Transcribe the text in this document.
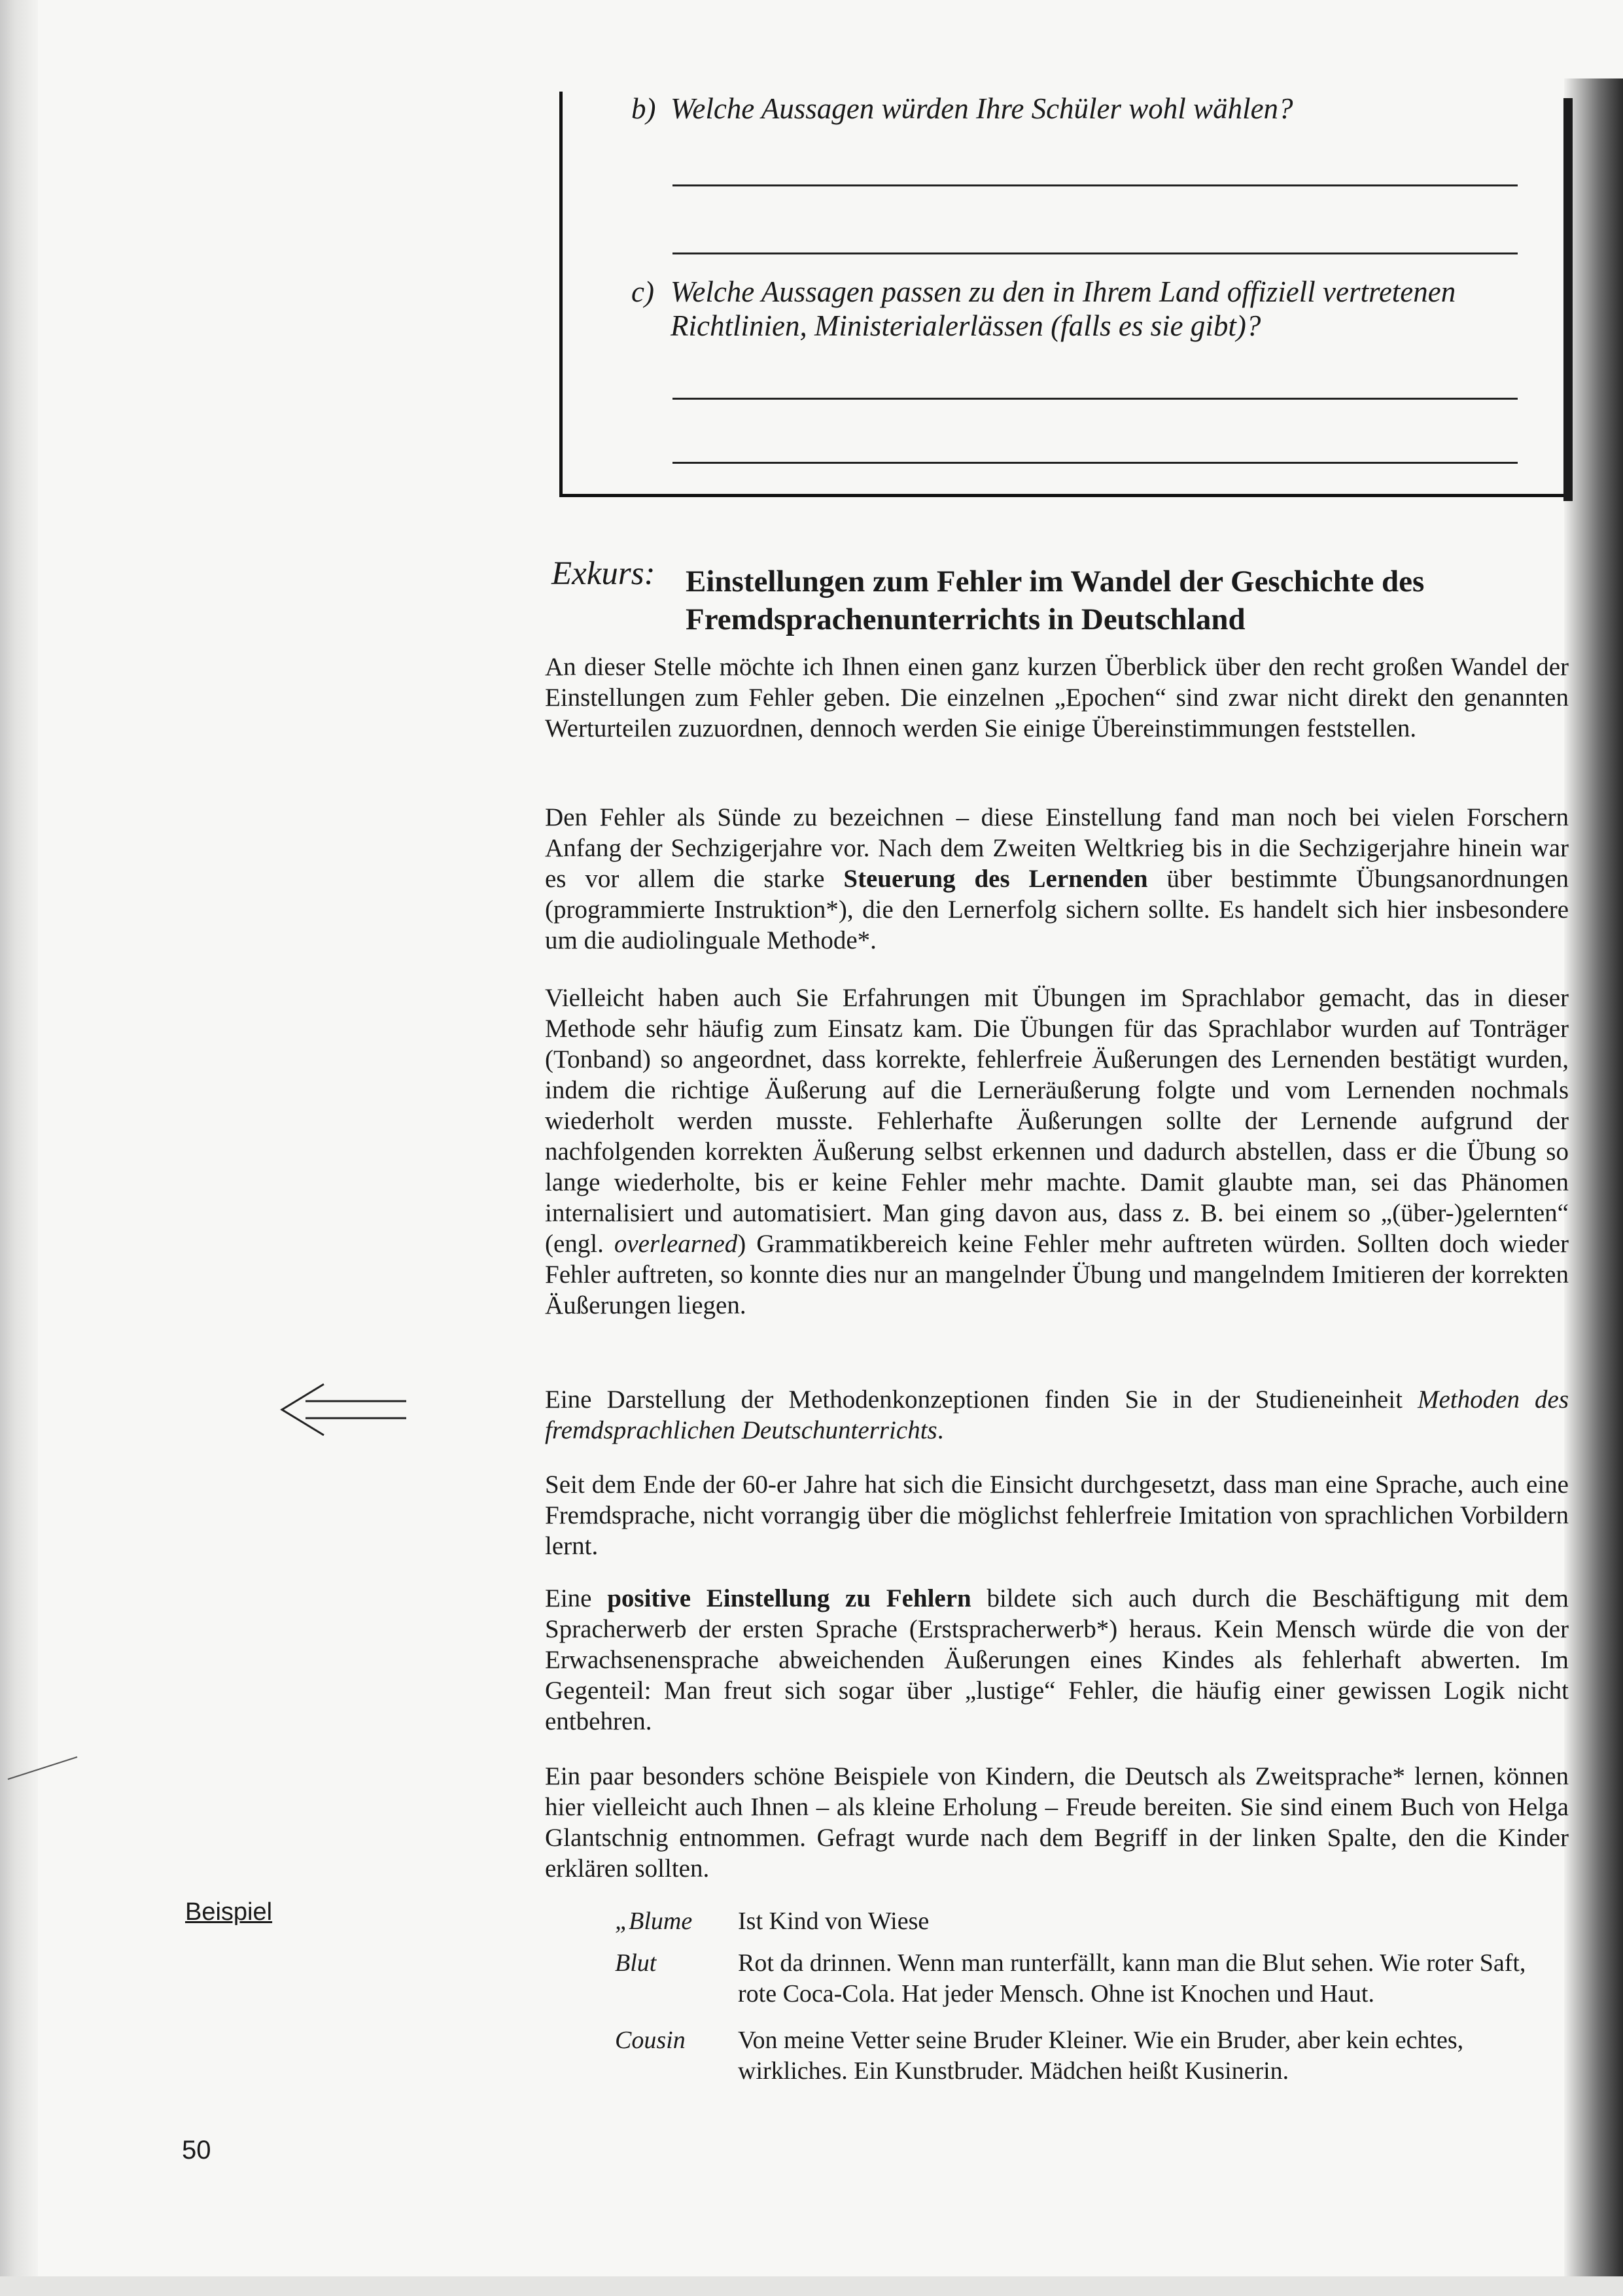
b) Welche Aussagen würden Ihre Schüler wohl wählen?
c) Welche Aussagen passen zu den in Ihrem Land offiziell vertretenen
Richtlinien, Ministerialerlässen (falls es sie gibt)?
Exkurs: Einstellungen zum Fehler im Wandel der Geschichte des
Fremdsprachenunterrichts in Deutschland
An dieser Stelle möchte ich Ihnen einen ganz kurzen Überblick über den recht großen Wandel der Einstellungen zum Fehler geben. Die einzelnen „Epochen“ sind zwar nicht direkt den genannten Werturteilen zuzuordnen, dennoch werden Sie einige Übereinstimmungen feststellen.
Den Fehler als Sünde zu bezeichnen – diese Einstellung fand man noch bei vielen Forschern Anfang der Sechzigerjahre vor. Nach dem Zweiten Weltkrieg bis in die Sechzigerjahre hinein war es vor allem die starke Steuerung des Lernenden über bestimmte Übungsanordnungen (programmierte Instruktion*), die den Lernerfolg sichern sollte. Es handelt sich hier insbesondere um die audiolinguale Methode*.
Vielleicht haben auch Sie Erfahrungen mit Übungen im Sprachlabor gemacht, das in dieser Methode sehr häufig zum Einsatz kam. Die Übungen für das Sprachlabor wurden auf Tonträger (Tonband) so angeordnet, dass korrekte, fehlerfreie Äußerungen des Lernenden bestätigt wurden, indem die richtige Äußerung auf die Lerneräußerung folgte und vom Lernenden nochmals wiederholt werden musste. Fehlerhafte Äußerungen sollte der Lernende aufgrund der nachfolgenden korrekten Äußerung selbst erkennen und dadurch abstellen, dass er die Übung so lange wiederholte, bis er keine Fehler mehr machte. Damit glaubte man, sei das Phänomen internalisiert und automatisiert. Man ging davon aus, dass z. B. bei einem so „(über-)gelernten“ (engl. overlearned) Grammatikbereich keine Fehler mehr auftreten würden. Sollten doch wieder Fehler auftreten, so konnte dies nur an mangelnder Übung und mangelndem Imitieren der korrekten Äußerungen liegen.
Eine Darstellung der Methodenkonzeptionen finden Sie in der Studieneinheit Methoden des fremdsprachlichen Deutschunterrichts.
Seit dem Ende der 60-er Jahre hat sich die Einsicht durchgesetzt, dass man eine Sprache, auch eine Fremdsprache, nicht vorrangig über die möglichst fehlerfreie Imitation von sprachlichen Vorbildern lernt.
Eine positive Einstellung zu Fehlern bildete sich auch durch die Beschäftigung mit dem Spracherwerb der ersten Sprache (Erstspracherwerb*) heraus. Kein Mensch würde die von der Erwachsenensprache abweichenden Äußerungen eines Kindes als fehlerhaft abwerten. Im Gegenteil: Man freut sich sogar über „lustige“ Fehler, die häufig einer gewissen Logik nicht entbehren.
Ein paar besonders schöne Beispiele von Kindern, die Deutsch als Zweitsprache* lernen, können hier vielleicht auch Ihnen – als kleine Erholung – Freude bereiten. Sie sind einem Buch von Helga Glantschnig entnommen. Gefragt wurde nach dem Begriff in der linken Spalte, den die Kinder erklären sollten.
„Blume Ist Kind von Wiese
Blut	Rot da drinnen. Wenn man runterfällt, kann man die Blut sehen. Wie roter Saft, rote Coca-Cola. Hat jeder Mensch. Ohne ist Knochen und Haut.
Cousin Von meine Vetter seine Bruder Kleiner. Wie ein Bruder, aber kein echtes, wirkliches. Ein Kunstbruder. Mädchen heißt Kusinerin.
Beispiel
50
